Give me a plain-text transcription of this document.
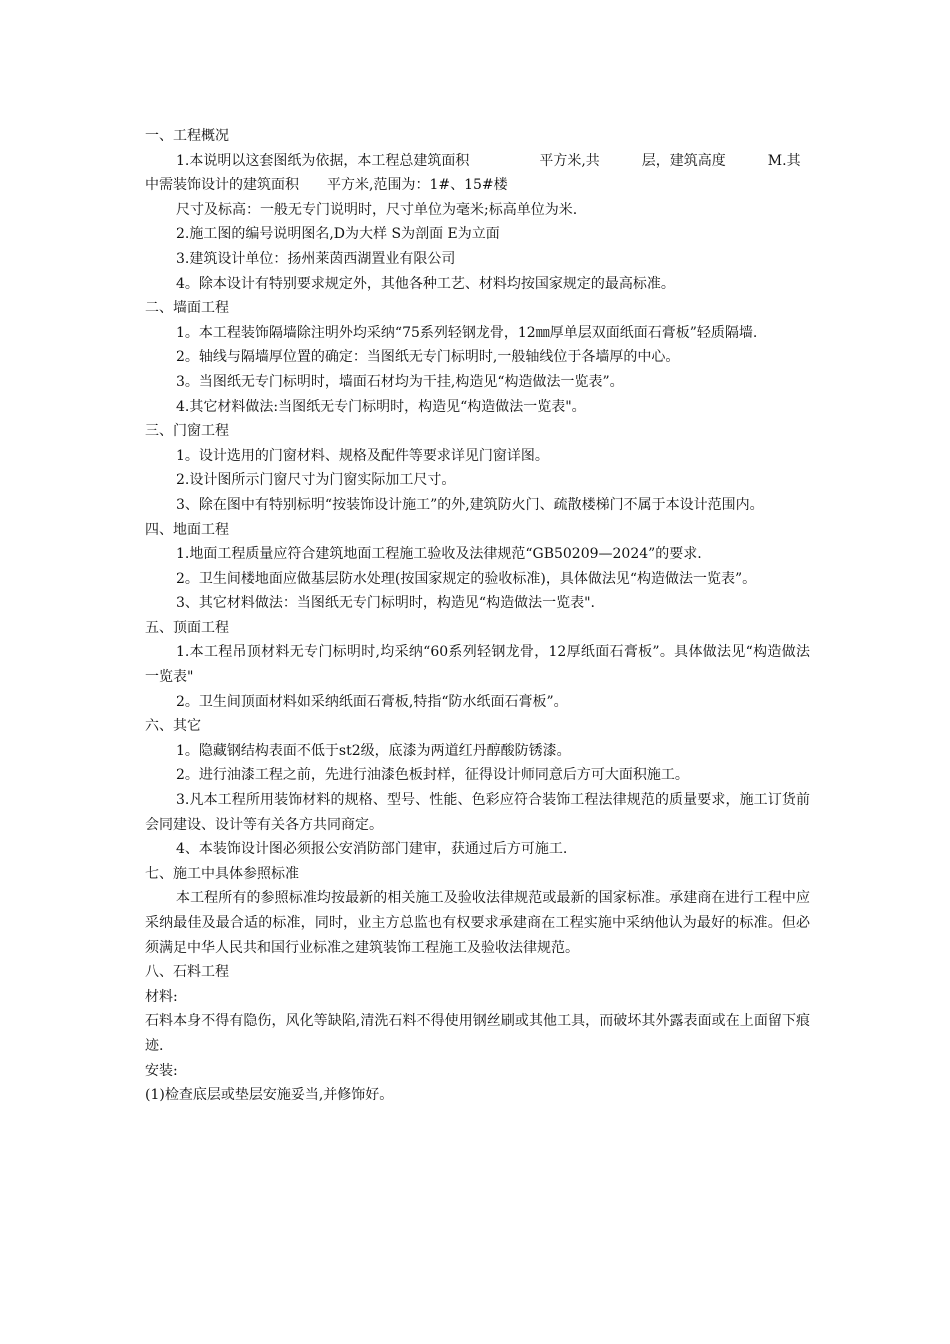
一、工程概况

1.本说明以这套图纸为依据，本工程总建筑面积　　　　　平方米,共　　　层，建筑高度　　　M.其中需装饰设计的建筑面积　　平方米,范围为：1#、15#楼

尺寸及标高：一般无专门说明时，尺寸单位为毫米;标高单位为米.

2.施工图的编号说明图名,D为大样 S为剖面 E为立面

3.建筑设计单位：扬州莱茵西湖置业有限公司

4。除本设计有特别要求规定外，其他各种工艺、材料均按国家规定的最高标准。

二、墙面工程

1。本工程装饰隔墙除注明外均采纳“75系列轻钢龙骨，12㎜厚单层双面纸面石膏板”轻质隔墙.

2。轴线与隔墙厚位置的确定：当图纸无专门标明时,一般轴线位于各墙厚的中心。

3。当图纸无专门标明时，墙面石材均为干挂,构造见“构造做法一览表”。

4.其它材料做法:当图纸无专门标明时，构造见“构造做法一览表"。

三、门窗工程

1。设计选用的门窗材料、规格及配件等要求详见门窗详图。

2.设计图所示门窗尺寸为门窗实际加工尺寸。

3、除在图中有特别标明“按装饰设计施工”的外,建筑防火门、疏散楼梯门不属于本设计范围内。

四、地面工程

1.地面工程质量应符合建筑地面工程施工验收及法律规范“GB50209—2024”的要求.

2。卫生间楼地面应做基层防水处理(按国家规定的验收标准)，具体做法见“构造做法一览表”。

3、其它材料做法：当图纸无专门标明时，构造见“构造做法一览表".

五、顶面工程

1.本工程吊顶材料无专门标明时,均采纳“60系列轻钢龙骨，12厚纸面石膏板”。具体做法见“构造做法一览表"

2。卫生间顶面材料如采纳纸面石膏板,特指“防水纸面石膏板”。

六、其它

1。隐藏钢结构表面不低于st2级，底漆为两道红丹醇酸防锈漆。

2。进行油漆工程之前，先进行油漆色板封样，征得设计师同意后方可大面积施工。

3.凡本工程所用装饰材料的规格、型号、性能、色彩应符合装饰工程法律规范的质量要求，施工订货前会同建设、设计等有关各方共同商定。

4、本装饰设计图必须报公安消防部门建审，获通过后方可施工.

七、施工中具体参照标准

本工程所有的参照标准均按最新的相关施工及验收法律规范或最新的国家标准。承建商在进行工程中应采纳最佳及最合适的标准，同时，业主方总监也有权要求承建商在工程实施中采纳他认为最好的标准。但必须满足中华人民共和国行业标准之建筑装饰工程施工及验收法律规范。

八、石料工程

材料:

石料本身不得有隐伤，风化等缺陷,清洗石料不得使用钢丝刷或其他工具，而破坏其外露表面或在上面留下痕迹.

安装:

(1)检查底层或垫层安施妥当,并修饰好。
